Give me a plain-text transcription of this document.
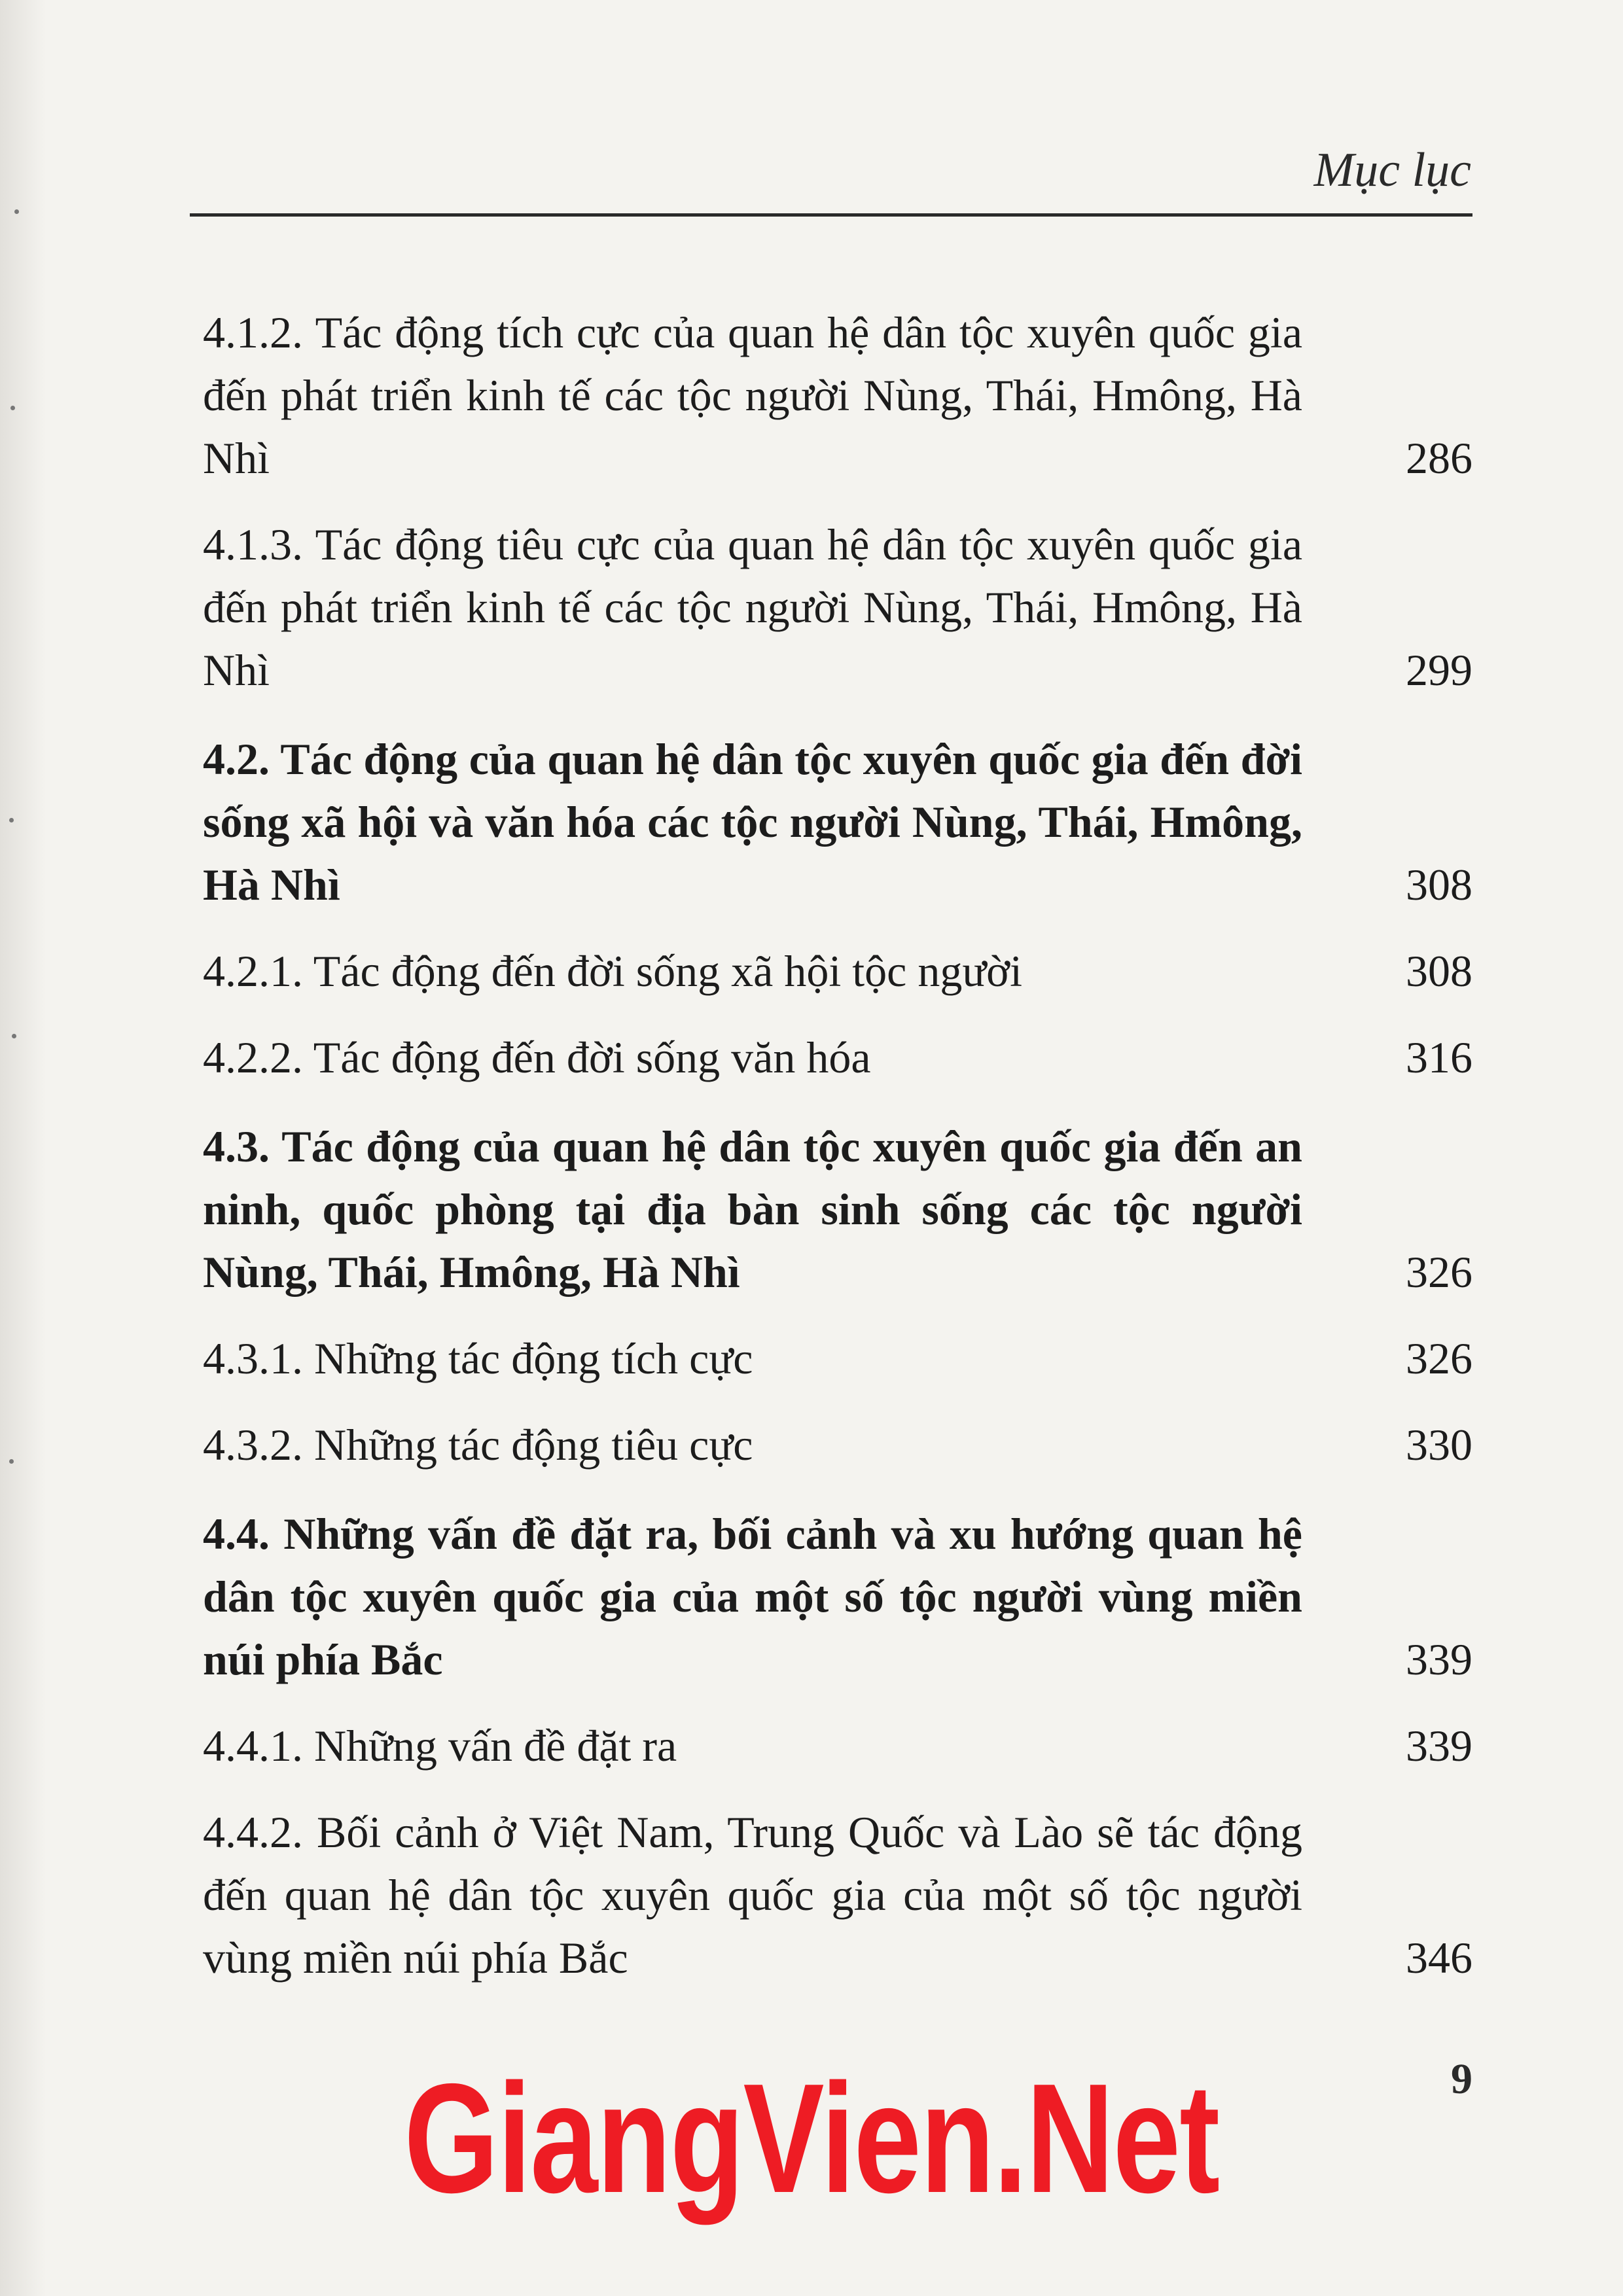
Mục lục
4.1.2. Tác động tích cực của quan hệ dân tộc xuyên quốc gia đến phát triển kinh tế các tộc người Nùng, Thái, Hmông, Hà Nhì	286
4.1.3. Tác động tiêu cực của quan hệ dân tộc xuyên quốc gia đến phát triển kinh tế các tộc người Nùng, Thái, Hmông, Hà Nhì	299
4.2. Tác động của quan hệ dân tộc xuyên quốc gia đến đời sống xã hội và văn hóa các tộc người Nùng, Thái, Hmông, Hà Nhì	308
4.2.1. Tác động đến đời sống xã hội tộc người	308
4.2.2. Tác động đến đời sống văn hóa	316
4.3. Tác động của quan hệ dân tộc xuyên quốc gia đến an ninh, quốc phòng tại địa bàn sinh sống các tộc người Nùng, Thái, Hmông, Hà Nhì	326
4.3.1. Những tác động tích cực	326
4.3.2. Những tác động tiêu cực	330
4.4. Những vấn đề đặt ra, bối cảnh và xu hướng quan hệ dân tộc xuyên quốc gia của một số tộc người vùng miền núi phía Bắc	339
4.4.1. Những vấn đề đặt ra	339
4.4.2. Bối cảnh ở Việt Nam, Trung Quốc và Lào sẽ tác động đến quan hệ dân tộc xuyên quốc gia của một số tộc người vùng miền núi phía Bắc	346
9
GiangVien.Net
